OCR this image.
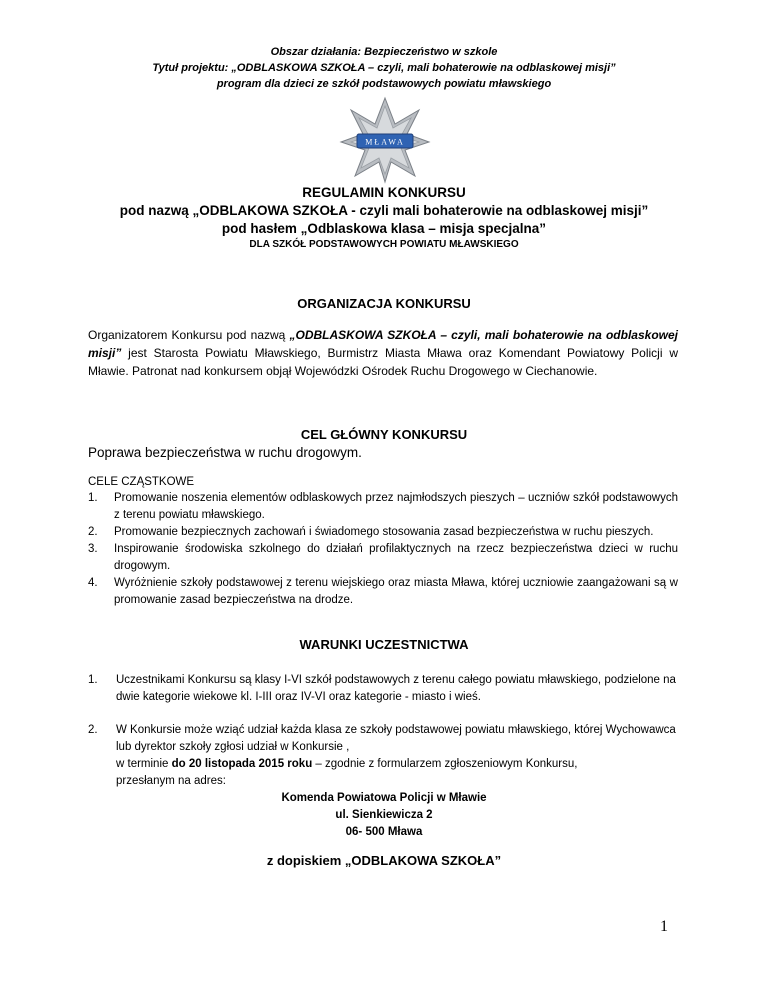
Obszar działania: Bezpieczeństwo w szkole
Tytuł projektu: „ODBLASKOWA SZKOŁA – czyli, mali bohaterowie na odblaskowej misji”
program dla dzieci ze szkół podstawowych powiatu mławskiego
MŁAWA
REGULAMIN KONKURSU
pod nazwą „ODBLAKOWA SZKOŁA - czyli mali bohaterowie na odblaskowej misji”
pod hasłem „Odblaskowa klasa – misja specjalna”
DLA SZKÓŁ PODSTAWOWYCH POWIATU MŁAWSKIEGO
ORGANIZACJA KONKURSU
Organizatorem Konkursu pod nazwą „ODBLASKOWA SZKOŁA – czyli, mali bohaterowie na odblaskowej misji” jest Starosta Powiatu Mławskiego, Burmistrz Miasta Mława oraz Komendant Powiatowy Policji w Mławie. Patronat nad konkursem objął Wojewódzki Ośrodek Ruchu Drogowego w Ciechanowie.
CEL GŁÓWNY KONKURSU
Poprawa bezpieczeństwa w ruchu drogowym.
CELE CZĄSTKOWE
1. Promowanie noszenia elementów odblaskowych przez najmłodszych pieszych – uczniów szkół podstawowych z terenu powiatu mławskiego.
2. Promowanie bezpiecznych zachowań i świadomego stosowania zasad bezpieczeństwa w ruchu pieszych.
3. Inspirowanie środowiska szkolnego do działań profilaktycznych na rzecz bezpieczeństwa dzieci w ruchu drogowym.
4. Wyróżnienie szkoły podstawowej z terenu wiejskiego oraz miasta Mława, której uczniowie zaangażowani są w promowanie zasad bezpieczeństwa na drodze.
WARUNKI UCZESTNICTWA
1.	Uczestnikami Konkursu są klasy I-VI szkół podstawowych z terenu całego powiatu mławskiego, podzielone na dwie kategorie wiekowe kl. I-III oraz IV-VI oraz kategorie - miasto i wieś.
2. W Konkursie może wziąć udział każda klasa ze szkoły podstawowej powiatu mławskiego, której Wychowawca lub dyrektor szkoły zgłosi udział w Konkursie ,
w terminie do 20 listopada 2015 roku – zgodnie z formularzem zgłoszeniowym Konkursu,
przesłanym na adres:
Komenda Powiatowa Policji w Mławie
ul. Sienkiewicza 2
06- 500 Mława
z dopiskiem „ODBLAKOWA SZKOŁA”
1
